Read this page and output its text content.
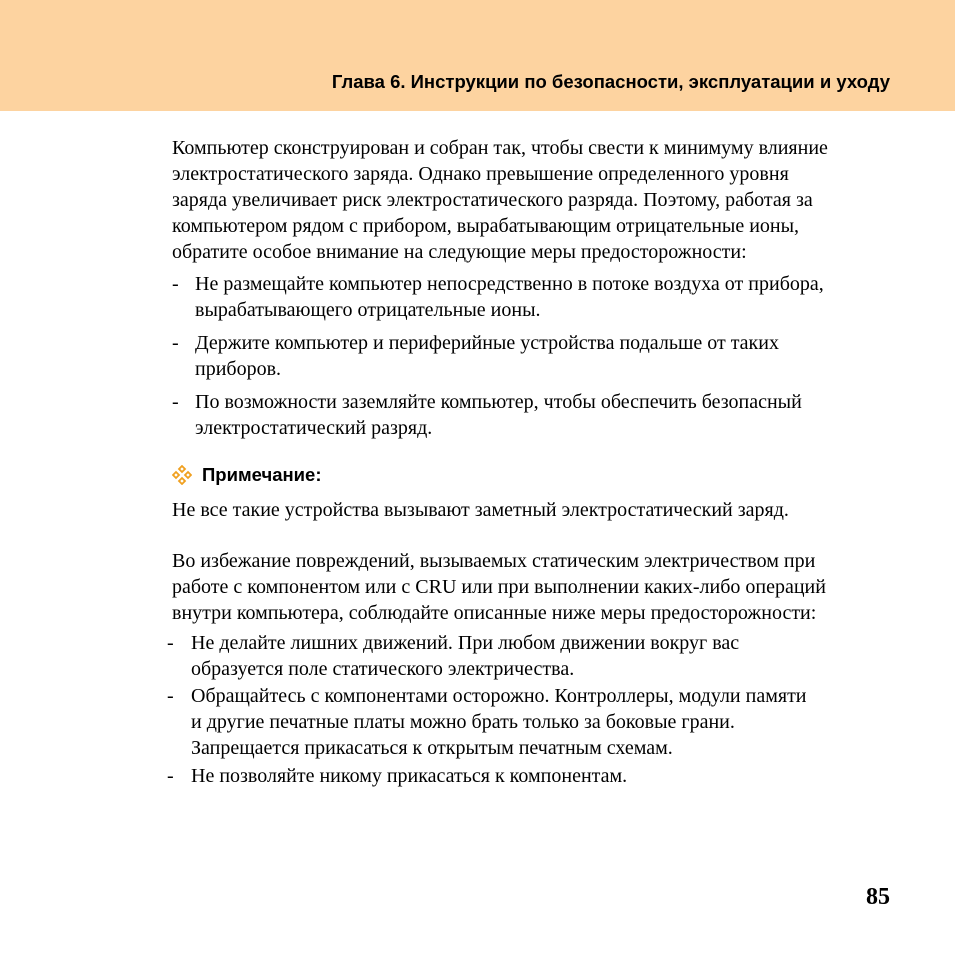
Глава 6. Инструкции по безопасности, эксплуатации и уходу

Компьютер сконструирован и собран так, чтобы свести к минимуму влияние
электростатического заряда. Однако превышение определенного уровня
заряда увеличивает риск электростатического разряда. Поэтому, работая за
компьютером рядом с прибором, вырабатывающим отрицательные ионы,
обратите особое внимание на следующие меры предосторожности:

- Не размещайте компьютер непосредственно в потоке воздуха от прибора,
вырабатывающего отрицательные ионы.
- Держите компьютер и периферийные устройства подальше от таких
приборов.
- По возможности заземляйте компьютер, чтобы обеспечить безопасный
электростатический разряд.
Примечание:

Не все такие устройства вызывают заметный электростатический заряд.

Во избежание повреждений, вызываемых статическим электричеством при
работе с компонентом или с CRU или при выполнении каких-либо операций
внутри компьютера, соблюдайте описанные ниже меры предосторожности:

- Не делайте лишних движений. При любом движении вокруг вас
образуется поле статического электричества.
- Обращайтесь с компонентами осторожно. Контроллеры, модули памяти
и другие печатные платы можно брать только за боковые грани.
Запрещается прикасаться к открытым печатным схемам.
- Не позволяйте никому прикасаться к компонентам.
85
